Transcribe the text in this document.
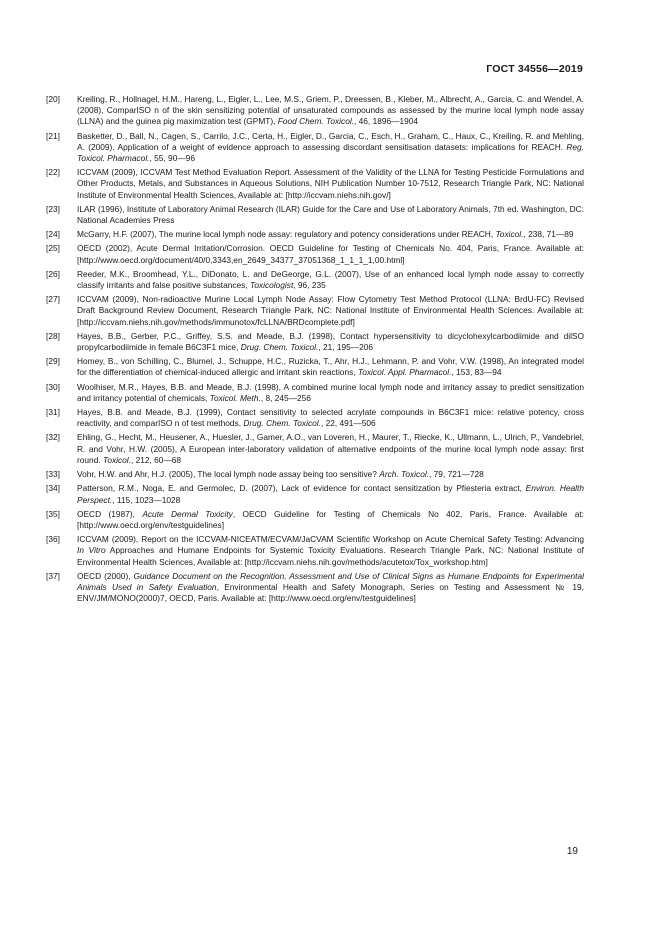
ГОСТ 34556—2019
[20]	Kreiling, R., Hollnagel, H.M., Hareng, L., Eigler, L., Lee, M.S., Griem, P., Dreessen, B., Kleber, M., Albrecht, A., Garcia, C. and Wendel, A. (2008), ComparISO n of the skin sensitizing potential of unsaturated compounds as assessed by the murine local lymph node assay (LLNA) and the guinea pig maximization test (GPMT), Food Chem. Toxicol., 46, 1896—1904
[21]	Basketter, D., Ball, N., Cagen, S., Carrilo, J.C., Certa, H., Eigler, D., Garcia, C., Esch, H., Graham, C., Haux, C., Kreiling, R. and Mehling, A. (2009). Application of a weight of evidence approach to assessing discordant sensitisation datasets: implications for REACH. Reg. Toxicol. Pharmacol., 55, 90—96
[22]	ICCVAM (2009), ICCVAM Test Method Evaluation Report. Assessment of the Validity of the LLNA for Testing Pesticide Formulations and Other Products, Metals, and Substances in Aqueous Solutions, NIH Publication Number 10-7512, Research Triangle Park, NC: National Institute of Environmental Health Sciences, Available at: [http://iccvam.niehs.nih.gov/]
[23]	ILAR (1996), Institute of Laboratory Animal Research (ILAR) Guide for the Care and Use of Laboratory Animals, 7th ed. Washington, DC: National Academies Press
[24]	McGarry, H.F. (2007), The murine local lymph node assay: regulatory and potency considerations under REACH, Toxicol., 238, 71—89
[25]	OECD (2002), Acute Dermal Irritation/Corrosion. OECD Guideline for Testing of Chemicals No. 404, Paris, France. Available at: [http://www.oecd.org/document/40/0,3343,en_2649_34377_37051368_1_1_1_1,00.html]
[26]	Reeder, M.K., Broomhead, Y.L., DiDonato, L. and DeGeorge, G.L. (2007), Use of an enhanced local lymph node assay to correctly classify irritants and false positive substances, Toxicologist, 96, 235
[27]	ICCVAM (2009), Non-radioactive Murine Local Lymph Node Assay: Flow Cytometry Test Method Protocol (LLNA: BrdU-FC) Revised Draft Background Review Document, Research Triangle Park, NC: National Institute of Environmental Health Sciences. Available at: [http://iccvam.niehs.nih.gov/methods/immunotox/fcLLNA/BRDcomplete.pdf]
[28]	Hayes, B.B., Gerber, P.C., Griffey, S.S. and Meade, B.J. (1998), Contact hypersensitivity to dicyclohexylcarbodiimide and dilSO propylcarbodiimide in female B6C3F1 mice, Drug. Chem. Toxicol., 21, 195—206
[29]	Homey, B., von Schilling, C., Blumel, J., Schuppe, H.C., Ruzicka, T., Ahr, H.J., Lehmann, P. and Vohr, V.W. (1998), An integrated model for the differentiation of chemical-induced allergic and irritant skin reactions, Toxicol. Appl. Pharmacol., 153, 83—94
[30]	Woolhiser, M.R., Hayes, B.B. and Meade, B.J. (1998), A combined murine local lymph node and irritancy assay to predict sensitization and irritancy potential of chemicals, Toxicol. Meth., 8, 245—256
[31]	Hayes, B.B. and Meade, B.J. (1999), Contact sensitivity to selected acrylate compounds in B6C3F1 mice: relative potency, cross reactivity, and comparISO n of test methods, Drug. Chem. Toxicol., 22, 491—506
[32]	Ehling, G., Hecht, M., Heusener, A., Huesler, J., Gamer, A.O., van Loveren, H., Maurer, T., Riecke, K., Ullmann, L., Ulrich, P., Vandebriel, R. and Vohr, H.W. (2005), A European inter-laboratory validation of alternative endpoints of the murine local lymph node assay: first round. Toxicol., 212, 60—68
[33]	Vohr, H.W. and Ahr, H.J. (2005), The local lymph node assay being too sensitive? Arch. Toxicol., 79, 721—728
[34]	Patterson, R.M., Noga, E. and Germolec, D. (2007), Lack of evidence for contact sensitization by Pfiesteria extract, Environ. Health Perspect., 115, 1023—1028
[35]	OECD (1987), Acute Dermal Toxicity, OECD Guideline for Testing of Chemicals No 402, Paris, France. Available at: [http://www.oecd.org/env/testguidelines]
[36]	ICCVAM (2009), Report on the ICCVAM-NICEATM/ECVAM/JaCVAM Scientific Workshop on Acute Chemical Safety Testing: Advancing In Vitro Approaches and Humane Endpoints for Systemic Toxicity Evaluations. Research Triangle Park, NC: National Institute of Environmental Health Sciences, Available at: [http://iccvam.niehs.nih.gov/methods/acutetox/Tox_workshop.htm]
[37]	OECD (2000), Guidance Document on the Recognition, Assessment and Use of Clinical Signs as Humane Endpoints for Experimental Animals Used in Safety Evaluation, Environmental Health and Safety Monograph, Series on Testing and Assessment № 19, ENV/JM/MONO(2000)7, OECD, Paris. Available at: [http://www.oecd.org/env/testguidelines]
19
